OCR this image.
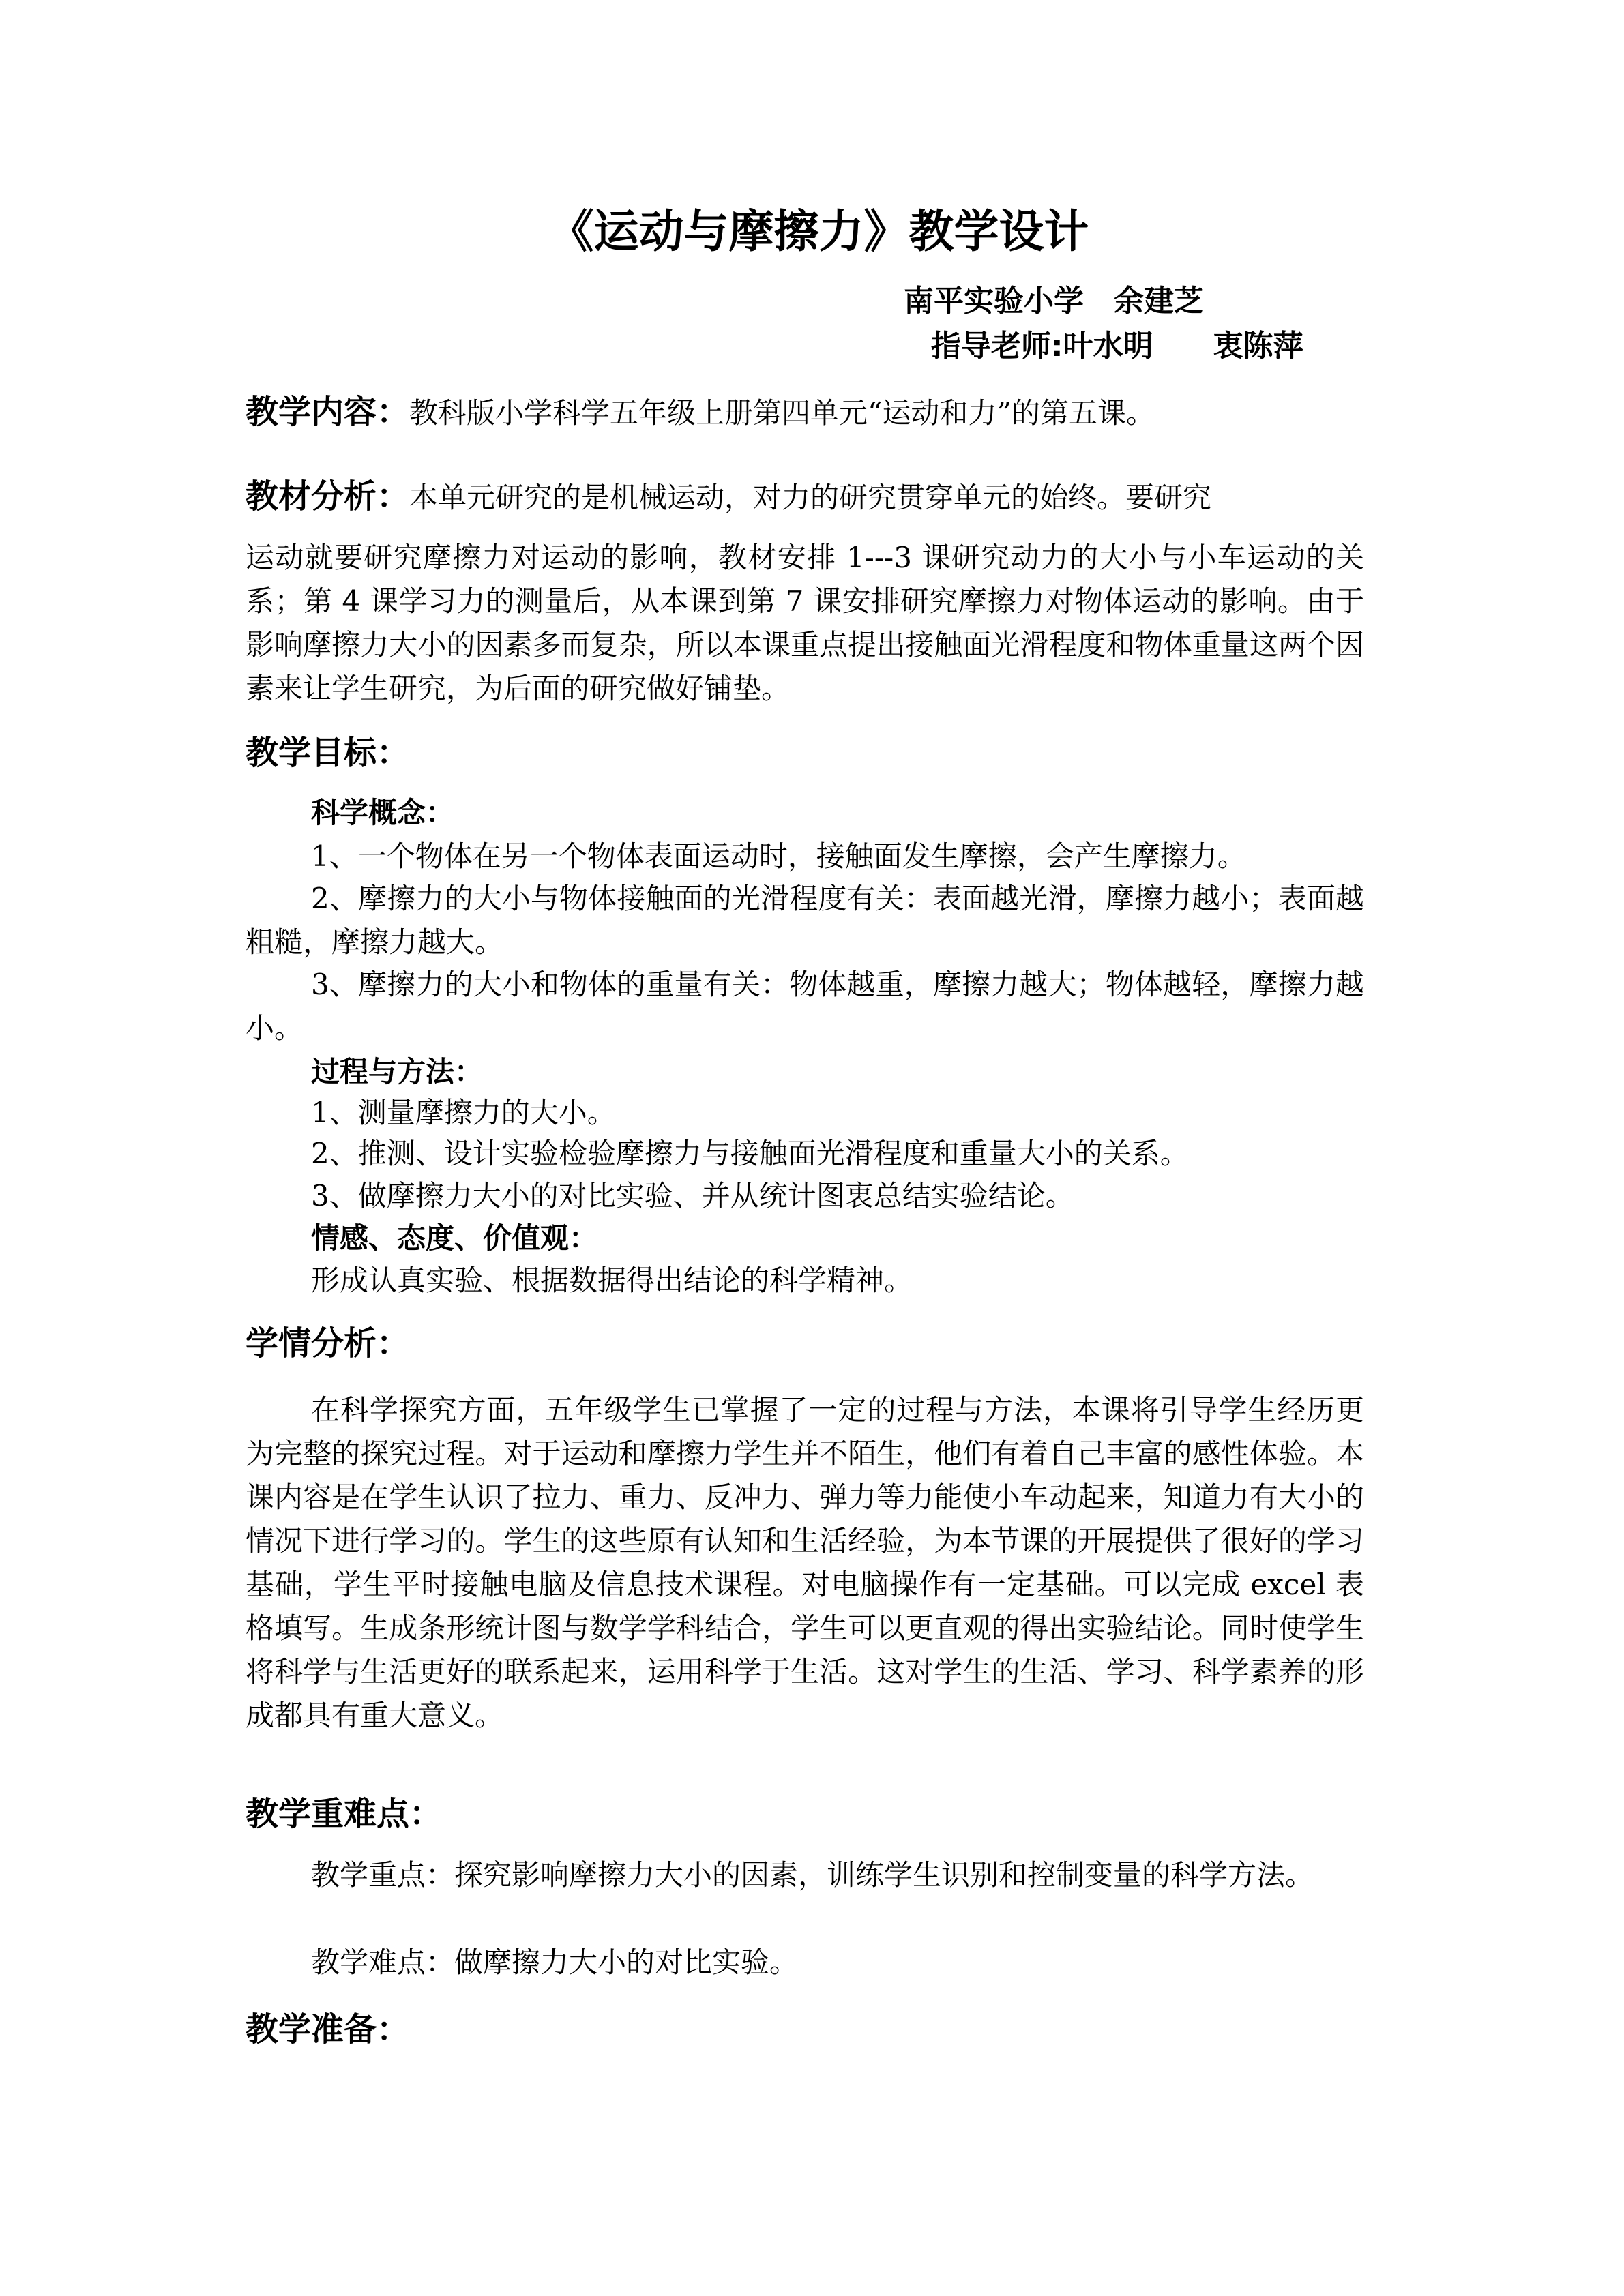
《运动与摩擦力》教学设计
南平实验小学　余建芝
指导老师:叶水明　　衷陈萍
教学内容：教科版小学科学五年级上册第四单元“运动和力”的第五课。
教材分析：本单元研究的是机械运动，对力的研究贯穿单元的始终。要研究
运动就要研究摩擦力对运动的影响，教材安排 1---3 课研究动力的大小与小车运动的关系；第 4 课学习力的测量后，从本课到第 7 课安排研究摩擦力对物体运动的影响。由于影响摩擦力大小的因素多而复杂，所以本课重点提出接触面光滑程度和物体重量这两个因素来让学生研究，为后面的研究做好铺垫。
教学目标：
科学概念：
1、一个物体在另一个物体表面运动时，接触面发生摩擦，会产生摩擦力。
2、摩擦力的大小与物体接触面的光滑程度有关：表面越光滑，摩擦力越小；表面越粗糙，摩擦力越大。
3、摩擦力的大小和物体的重量有关：物体越重，摩擦力越大；物体越轻，摩擦力越小。
过程与方法：
1、测量摩擦力的大小。
2、推测、设计实验检验摩擦力与接触面光滑程度和重量大小的关系。
3、做摩擦力大小的对比实验、并从统计图衷总结实验结论。
情感、态度、价值观：
形成认真实验、根据数据得出结论的科学精神。
学情分析：
在科学探究方面，五年级学生已掌握了一定的过程与方法，本课将引导学生经历更为完整的探究过程。对于运动和摩擦力学生并不陌生，他们有着自己丰富的感性体验。本课内容是在学生认识了拉力、重力、反冲力、弹力等力能使小车动起来，知道力有大小的情况下进行学习的。学生的这些原有认知和生活经验，为本节课的开展提供了很好的学习基础，学生平时接触电脑及信息技术课程。对电脑操作有一定基础。可以完成 excel 表格填写。生成条形统计图与数学学科结合，学生可以更直观的得出实验结论。同时使学生将科学与生活更好的联系起来，运用科学于生活。这对学生的生活、学习、科学素养的形成都具有重大意义。
教学重难点：
教学重点：探究影响摩擦力大小的因素，训练学生识别和控制变量的科学方法。
教学难点：做摩擦力大小的对比实验。
教学准备：
